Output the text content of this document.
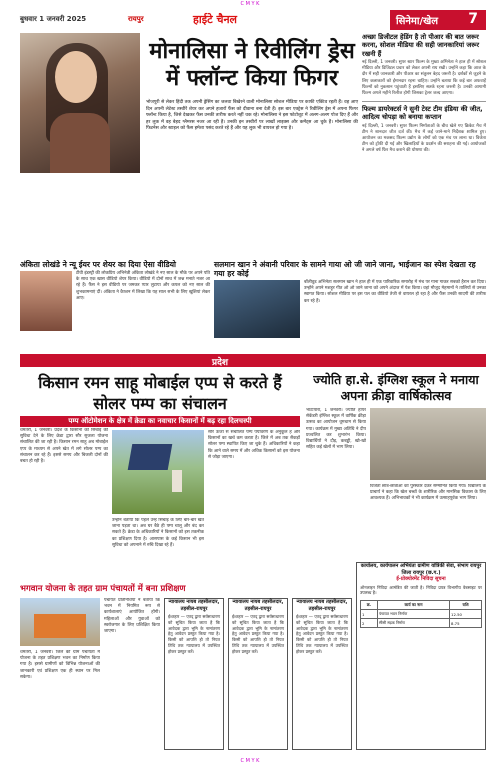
C M Y K
बुधवार 1 जनवरी 2025	रायपुर	हाईटे चैनल	सिनेमा/खेल 7
मोनालिसा ने रिवीलिंग ड्रेस में फ्लॉन्ट किया फिगर
भोजपुरी से लेकर हिंदी तक अपनी ड्रेसिंग का जलवा बिखेरने वाली मोनालिसा सोशल मीडिया पर काफी एक्टिव रहती हैं। वह आए दिन अपनी लेटेस्ट तस्वीरें शेयर कर अपने हजारों फैंस को दीवाना बना देती हैं। इस बार एक्ट्रेस ने रिवीलिंग ड्रेस में अपना फिगर फ्लॉन्ट किया है, जिसे देखकर फैंस उनकी तारीफ करते नहीं थक रहे। मोनालिसा ने इस फोटोशूट में अलग-अलग पोज दिए हैं और हर लुक में वह बेहद ग्लैमरस नजर आ रही हैं। उनकी इन तस्वीरों पर लाखों लाइक्स और कमेंट्स आ चुके हैं। मोनालिसा की फिटनेस और स्टाइल को फैंस हमेशा पसंद करते रहे हैं और यह लुक भी वायरल हो गया है।
अच्छा डिजीटल हेडिंग है तो पीआर की बात जरूर करना, सोशल मीडिया की सही जानकारियां जरूर रखनी हैं
नई दिल्ली, 1 जनवरी। सुपर स्टार फिल्म के मुख्य अभिनेता ने हाल ही में सोशल मीडिया और डिजिटल प्रचार को लेकर अपनी राय रखी। उन्होंने कहा कि आज के दौर में सही जानकारी और पीआर का संतुलन बेहद जरूरी है। दर्शकों से जुड़ने के लिए कलाकारों को ईमानदार रहना चाहिए। उन्होंने बताया कि कई बार अफवाहें फिल्मों को नुकसान पहुंचाती हैं इसलिए सतर्क रहना जरूरी है। उनकी आगामी फिल्म अगले महीने रिलीज होगी जिसका ट्रेलर जल्द आएगा।
फिल्म डायरेक्टर्स ने सुनी टेस्ट टीम इंडिया की जीत, आदित्य चोपड़ा को बनाया कप्तान
नई दिल्ली, 1 जनवरी। सुपर फिल्म निर्माताओं के बीच खेले गए क्रिकेट मैच में टीम ने शानदार जीत दर्ज की। मैच में कई जाने-माने निर्देशक शामिल हुए। आयोजन का मकसद फिल्म उद्योग के लोगों को एक मंच पर लाना था। विजेता टीम को ट्रॉफी दी गई और खिलाड़ियों के प्रदर्शन की सराहना की गई। आयोजकों ने अगले वर्ष फिर मैच कराने की घोषणा की।
अंकिता लोखंडे ने न्यू ईयर पर शेयर का दिया ऐसा वीडियो
टीवी इंडस्ट्री की लोकप्रिय अभिनेत्री अंकिता लोखंडे ने नए साल के मौके पर अपने पति के साथ एक खास वीडियो शेयर किया। वीडियो में दोनों साथ में जश्न मनाते नजर आ रहे हैं। फैंस ने इस वीडियो पर जमकर प्यार लुटाया और कपल को नए साल की शुभकामनाएं दीं। अंकिता ने कैप्शन में लिखा कि यह साल सभी के लिए खुशियां लेकर आए।
सलमान खान ने अंवानी परिवार के सामने गाया ओ जी जाने जाना, भाईजान का स्पेश देखता रह गया हर कोई
बॉलीवुड अभिनेता सलमान खान ने हाल ही में एक पारिवारिक समारोह में मंच पर गाना गाकर सबको हैरान कर दिया। उन्होंने अपने मशहूर गीत ओ ओ जाने जाना को अपने अंदाज में पेश किया। वहां मौजूद मेहमानों ने तालियों से उनका स्वागत किया। सोशल मीडिया पर इस पल का वीडियो तेजी से वायरल हो रहा है और फैंस उनकी सादगी की तारीफ कर रहे हैं।
प्रदेश
किसान रमन साहू मोबाईल एप्प से करते हैं सोलर पम्प का संचालन
पम्प ऑटोमेशन के क्षेत्र में क्रेडा का नवाचार किसानों में बढ़ रहा दिलचस्पी
धमतरी, 1 जनवरी। प्रदेश के किसानों को सिंचाई की सुविधा देने के लिए क्रेडा द्वारा सौर सुजला योजना संचालित की जा रही है। किसान रमन साहू अब मोबाईल एप्प के माध्यम से अपने खेत में लगे सोलर पम्प का संचालन कर रहे हैं। इससे समय और बिजली दोनों की बचत हो रही है।
उन्होंने बताया कि पहले उन्हें सिंचाई के लिए बार-बार खेत जाना पड़ता था। अब घर बैठे ही पम्प चालू और बंद कर सकते हैं। क्रेडा के अधिकारियों ने किसानों को इस तकनीक का प्रशिक्षण दिया है। आसपास के कई किसान भी इस सुविधा को अपनाने में रुचि दिखा रहे हैं।
सौर ऊर्जा से संचालित पम्प पर्यावरण के अनुकूल है और किसानों का खर्च कम करता है। जिले में अब तक सैकड़ों सोलर पम्प स्थापित किए जा चुके हैं। अधिकारियों ने कहा कि आने वाले समय में और अधिक किसानों को इस योजना से जोड़ा जाएगा।
ज्योति हा.से. इंग्लिश स्कूल ने मनाया अपना क्रीड़ा वार्षिकोत्सव
भाटापारा, 1 जनवरी। ज्योति हायर सेकेंडरी इंग्लिश स्कूल में वार्षिक क्रीड़ा उत्सव का आयोजन धूमधाम से किया गया। कार्यक्रम में मुख्य अतिथि ने दीप प्रज्वलित कर शुभारंभ किया। विद्यार्थियों ने दौड़, कबड्डी, खो-खो सहित कई खेलों में भाग लिया।
विजेता छात्र-छात्राओं को पुरस्कार देकर सम्मानित किया गया। विद्यालय के प्राचार्य ने कहा कि खेल बच्चों के शारीरिक और मानसिक विकास के लिए आवश्यक हैं। अभिभावकों ने भी कार्यक्रम में उत्साहपूर्वक भाग लिया।
भगवान योजना के तहत ग्राम पंचायतों में बना प्रशिक्षण
धमतरी, 1 जनवरी। जिले की ग्राम पंचायतों में योजना के तहत प्रशिक्षण भवन का निर्माण किया गया है। इससे ग्रामीणों को विभिन्न योजनाओं की जानकारी एवं प्रशिक्षण एक ही स्थान पर मिल सकेगा।
पंचायत प्रतिनिधियों ने बताया कि भवन में नियमित रूप से कार्यशालाएं आयोजित होंगी। महिलाओं और युवाओं को स्वरोजगार के लिए प्रशिक्षित किया जाएगा।
न्यायालय नायब तहसीलदार, तहसील-रायपुर
ईश्तहार — एतद् द्वारा सर्वसाधारण को सूचित किया जाता है कि आवेदक द्वारा भूमि के नामांतरण हेतु आवेदन प्रस्तुत किया गया है। किसी को आपत्ति हो तो नियत तिथि तक न्यायालय में उपस्थित होकर प्रस्तुत करें।
न्यायालय नायब तहसीलदार, तहसील-रायपुर
ईश्तहार — एतद् द्वारा सर्वसाधारण को सूचित किया जाता है कि आवेदक द्वारा भूमि के नामांतरण हेतु आवेदन प्रस्तुत किया गया है। किसी को आपत्ति हो तो नियत तिथि तक न्यायालय में उपस्थित होकर प्रस्तुत करें।
न्यायालय नायब तहसीलदार, तहसील-रायपुर
ईश्तहार — एतद् द्वारा सर्वसाधारण को सूचित किया जाता है कि आवेदक द्वारा भूमि के नामांतरण हेतु आवेदन प्रस्तुत किया गया है। किसी को आपत्ति हो तो नियत तिथि तक न्यायालय में उपस्थित होकर प्रस्तुत करें।
कार्यालय, कार्यपालन अभियंता ग्रामीण यांत्रिकी सेवा, संभाग रायपुर जिला रायपुर (छ.ग.)
ई-प्रोक्योरमेंट निविदा सूचना
ऑनलाइन निविदा आमंत्रित की जाती है। निविदा प्रपत्र विभागीय वेबसाइट पर उपलब्ध है।
क्र.	कार्य का नाम	राशि
1	पंचायत भवन निर्माण	12.50
2	सीसी सड़क निर्माण	8.75
C M Y K
